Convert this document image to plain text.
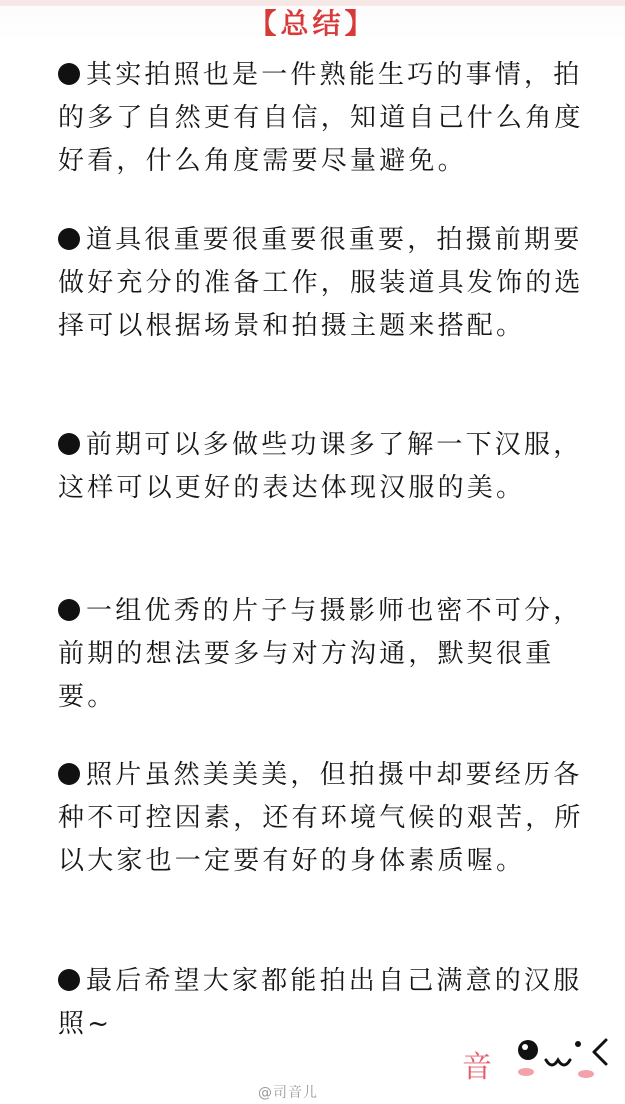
【总结】

其实拍照也是一件熟能生巧的事情，拍的多了自然更有自信，知道自己什么角度好看，什么角度需要尽量避免。

道具很重要很重要很重要，拍摄前期要做好充分的准备工作，服装道具发饰的选择可以根据场景和拍摄主题来搭配。

前期可以多做些功课多了解一下汉服，这样可以更好的表达体现汉服的美。

一组优秀的片子与摄影师也密不可分，前期的想法要多与对方沟通，默契很重要。

照片虽然美美美，但拍摄中却要经历各种不可控因素，还有环境气候的艰苦，所以大家也一定要有好的身体素质喔。

最后希望大家都能拍出自己满意的汉服照~

音
@司音儿
